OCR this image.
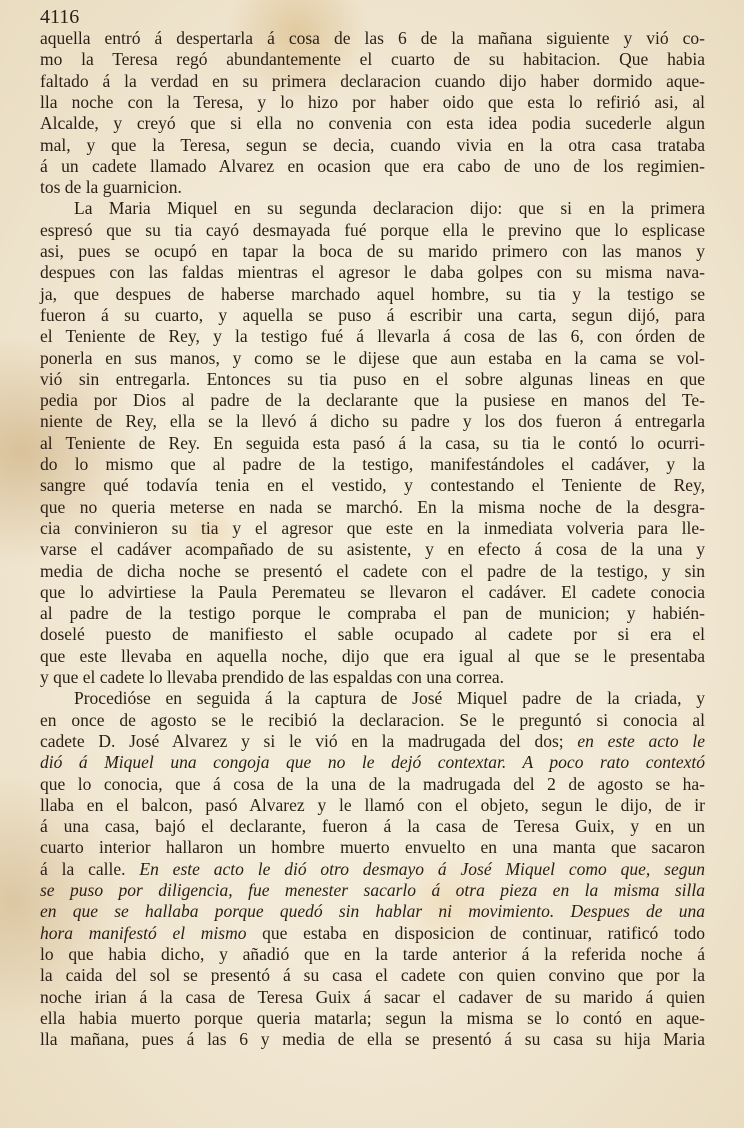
4116
aquella entró á despertarla á cosa de las 6 de la mañana siguiente y vió co-
mo la Teresa regó abundantemente el cuarto de su habitacion. Que habia
faltado á la verdad en su primera declaracion cuando dijo haber dormido aque-
lla noche con la Teresa, y lo hizo por haber oido que esta lo refirió asi, al
Alcalde, y creyó que si ella no convenia con esta idea podia sucederle algun
mal, y que la Teresa, segun se decia, cuando vivia en la otra casa trataba
á un cadete llamado Alvarez en ocasion que era cabo de uno de los regimien-
tos de la guarnicion.
La Maria Miquel en su segunda declaracion dijo: que si en la primera
espresó que su tia cayó desmayada fué porque ella le previno que lo esplicase
asi, pues se ocupó en tapar la boca de su marido primero con las manos y
despues con las faldas mientras el agresor le daba golpes con su misma nava-
ja, que despues de haberse marchado aquel hombre, su tia y la testigo se
fueron á su cuarto, y aquella se puso á escribir una carta, segun dijó, para
el Teniente de Rey, y la testigo fué á llevarla á cosa de las 6, con órden de
ponerla en sus manos, y como se le dijese que aun estaba en la cama se vol-
vió sin entregarla. Entonces su tia puso en el sobre algunas lineas en que
pedia por Dios al padre de la declarante que la pusiese en manos del Te-
niente de Rey, ella se la llevó á dicho su padre y los dos fueron á entregarla
al Teniente de Rey. En seguida esta pasó á la casa, su tia le contó lo ocurri-
do lo mismo que al padre de la testigo, manifestándoles el cadáver, y la
sangre qué todavía tenia en el vestido, y contestando el Teniente de Rey,
que no queria meterse en nada se marchó. En la misma noche de la desgra-
cia convinieron su tia y el agresor que este en la inmediata volveria para lle-
varse el cadáver acompañado de su asistente, y en efecto á cosa de la una y
media de dicha noche se presentó el cadete con el padre de la testigo, y sin
que lo advirtiese la Paula Peremateu se llevaron el cadáver. El cadete conocia
al padre de la testigo porque le compraba el pan de municion; y habién-
doselé puesto de manifiesto el sable ocupado al cadete por si era el
que este llevaba en aquella noche, dijo que era igual al que se le presentaba
y que el cadete lo llevaba prendido de las espaldas con una correa.
Procedióse en seguida á la captura de José Miquel padre de la criada, y
en once de agosto se le recibió la declaracion. Se le preguntó si conocia al
cadete D. José Alvarez y si le vió en la madrugada del dos; en este acto le
dió á Miquel una congoja que no le dejó contextar. A poco rato contextó
que lo conocia, que á cosa de la una de la madrugada del 2 de agosto se ha-
llaba en el balcon, pasó Alvarez y le llamó con el objeto, segun le dijo, de ir
á una casa, bajó el declarante, fueron á la casa de Teresa Guix, y en un
cuarto interior hallaron un hombre muerto envuelto en una manta que sacaron
á la calle. En este acto le dió otro desmayo á José Miquel como que, segun
se puso por diligencia, fue menester sacarlo á otra pieza en la misma silla
en que se hallaba porque quedó sin hablar ni movimiento. Despues de una
hora manifestó el mismo que estaba en disposicion de continuar, ratificó todo
lo que habia dicho, y añadió que en la tarde anterior á la referida noche á
la caida del sol se presentó á su casa el cadete con quien convino que por la
noche irian á la casa de Teresa Guix á sacar el cadaver de su marido á quien
ella habia muerto porque queria matarla; segun la misma se lo contó en aque-
lla mañana, pues á las 6 y media de ella se presentó á su casa su hija Maria
